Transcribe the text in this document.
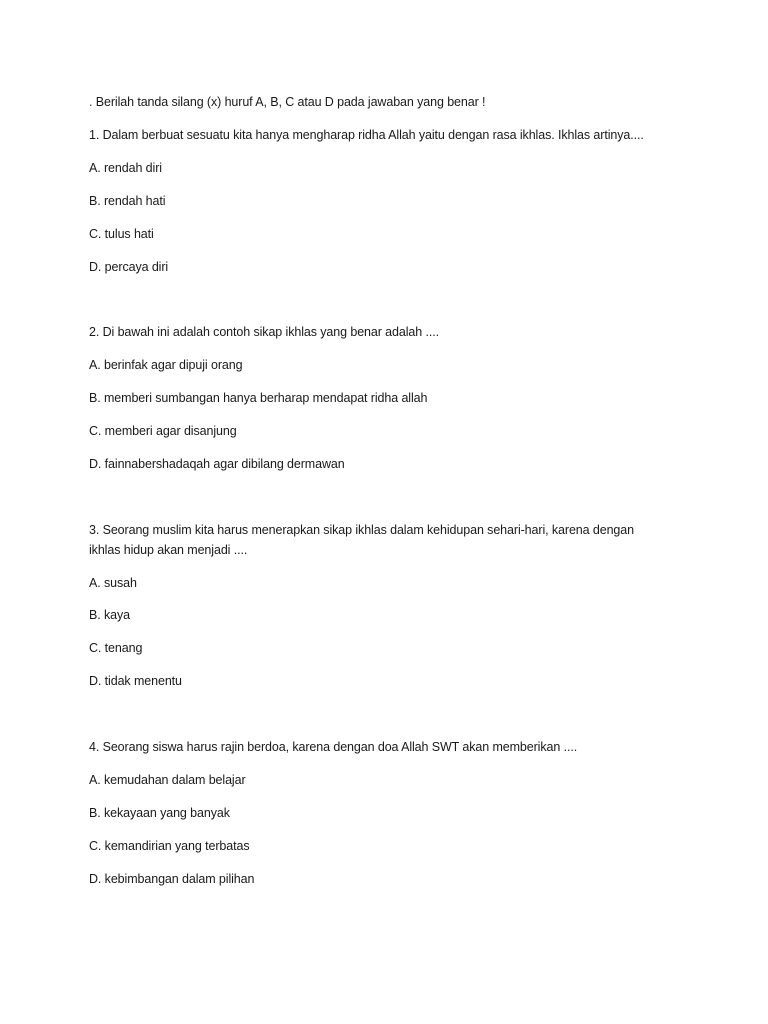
. Berilah tanda silang (x) huruf A, B, C atau D pada jawaban yang benar !
1. Dalam berbuat sesuatu kita hanya mengharap ridha Allah yaitu dengan rasa ikhlas. Ikhlas artinya....
A. rendah diri
B. rendah hati
C. tulus hati
D. percaya diri
2. Di bawah ini adalah contoh sikap ikhlas yang benar adalah ....
A. berinfak agar dipuji orang
B. memberi sumbangan hanya berharap mendapat ridha allah
C. memberi agar disanjung
D. fainnabershadaqah agar dibilang dermawan
3. Seorang muslim kita harus menerapkan sikap ikhlas dalam kehidupan sehari-hari, karena dengan
ikhlas hidup akan menjadi ....
A. susah
B. kaya
C. tenang
D. tidak menentu
4. Seorang siswa harus rajin berdoa, karena dengan doa Allah SWT akan memberikan ....
A. kemudahan dalam belajar
B. kekayaan yang banyak
C. kemandirian yang terbatas
D. kebimbangan dalam pilihan
